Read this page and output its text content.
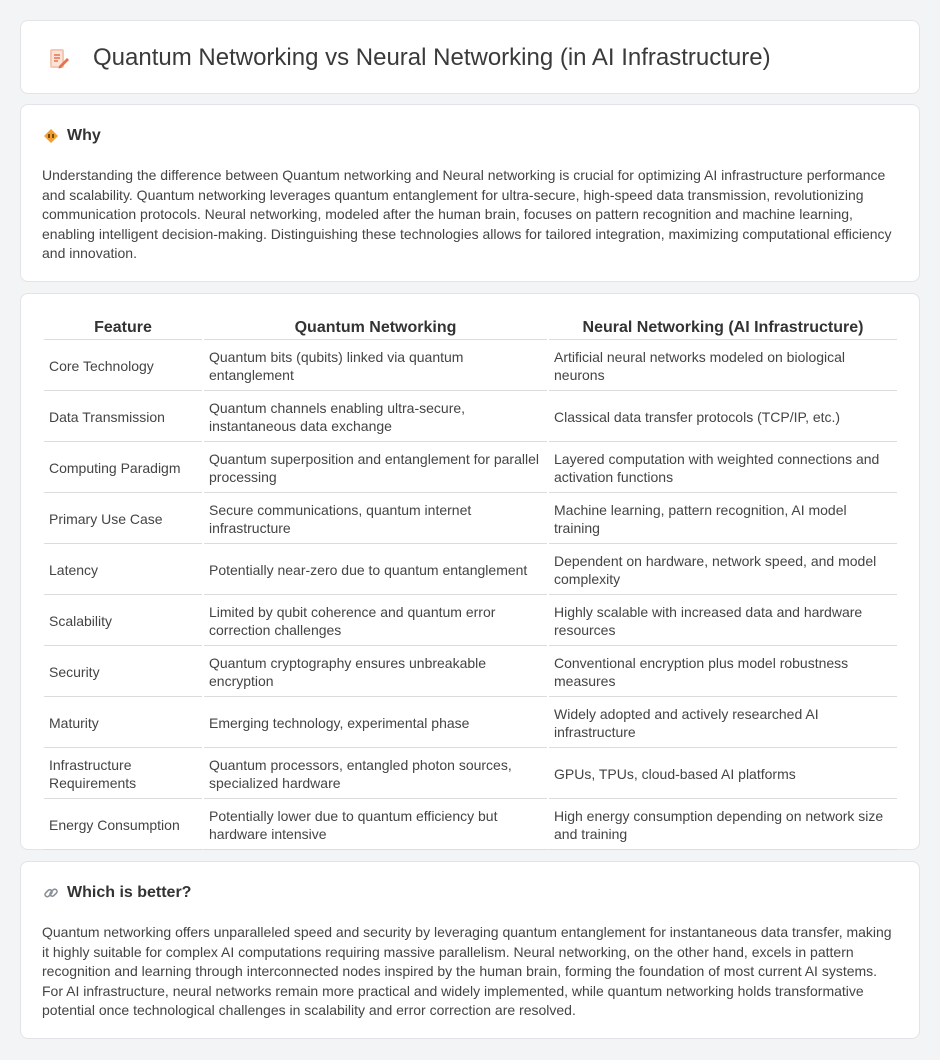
Quantum Networking vs Neural Networking (in AI Infrastructure)
Why

Understanding the difference between Quantum networking and Neural networking is crucial for optimizing AI infrastructure performance and scalability. Quantum networking leverages quantum entanglement for ultra-secure, high-speed data transmission, revolutionizing communication protocols. Neural networking, modeled after the human brain, focuses on pattern recognition and machine learning, enabling intelligent decision-making. Distinguishing these technologies allows for tailored integration, maximizing computational efficiency and innovation.

Feature	Quantum Networking	Neural Networking (AI Infrastructure)
Core Technology	Quantum bits (qubits) linked via quantum entanglement	Artificial neural networks modeled on biological neurons
Data Transmission	Quantum channels enabling ultra-secure, instantaneous data exchange	Classical data transfer protocols (TCP/IP, etc.)
Computing Paradigm	Quantum superposition and entanglement for parallel processing	Layered computation with weighted connections and activation functions
Primary Use Case	Secure communications, quantum internet infrastructure	Machine learning, pattern recognition, AI model training
Latency	Potentially near-zero due to quantum entanglement	Dependent on hardware, network speed, and model complexity
Scalability	Limited by qubit coherence and quantum error correction challenges	Highly scalable with increased data and hardware resources
Security	Quantum cryptography ensures unbreakable encryption	Conventional encryption plus model robustness measures
Maturity	Emerging technology, experimental phase	Widely adopted and actively researched AI infrastructure
Infrastructure Requirements	Quantum processors, entangled photon sources, specialized hardware	GPUs, TPUs, cloud-based AI platforms
Energy Consumption	Potentially lower due to quantum efficiency but hardware intensive	High energy consumption depending on network size and training
Which is better?

Quantum networking offers unparalleled speed and security by leveraging quantum entanglement for instantaneous data transfer, making it highly suitable for complex AI computations requiring massive parallelism. Neural networking, on the other hand, excels in pattern recognition and learning through interconnected nodes inspired by the human brain, forming the foundation of most current AI systems. For AI infrastructure, neural networks remain more practical and widely implemented, while quantum networking holds transformative potential once technological challenges in scalability and error correction are resolved.
